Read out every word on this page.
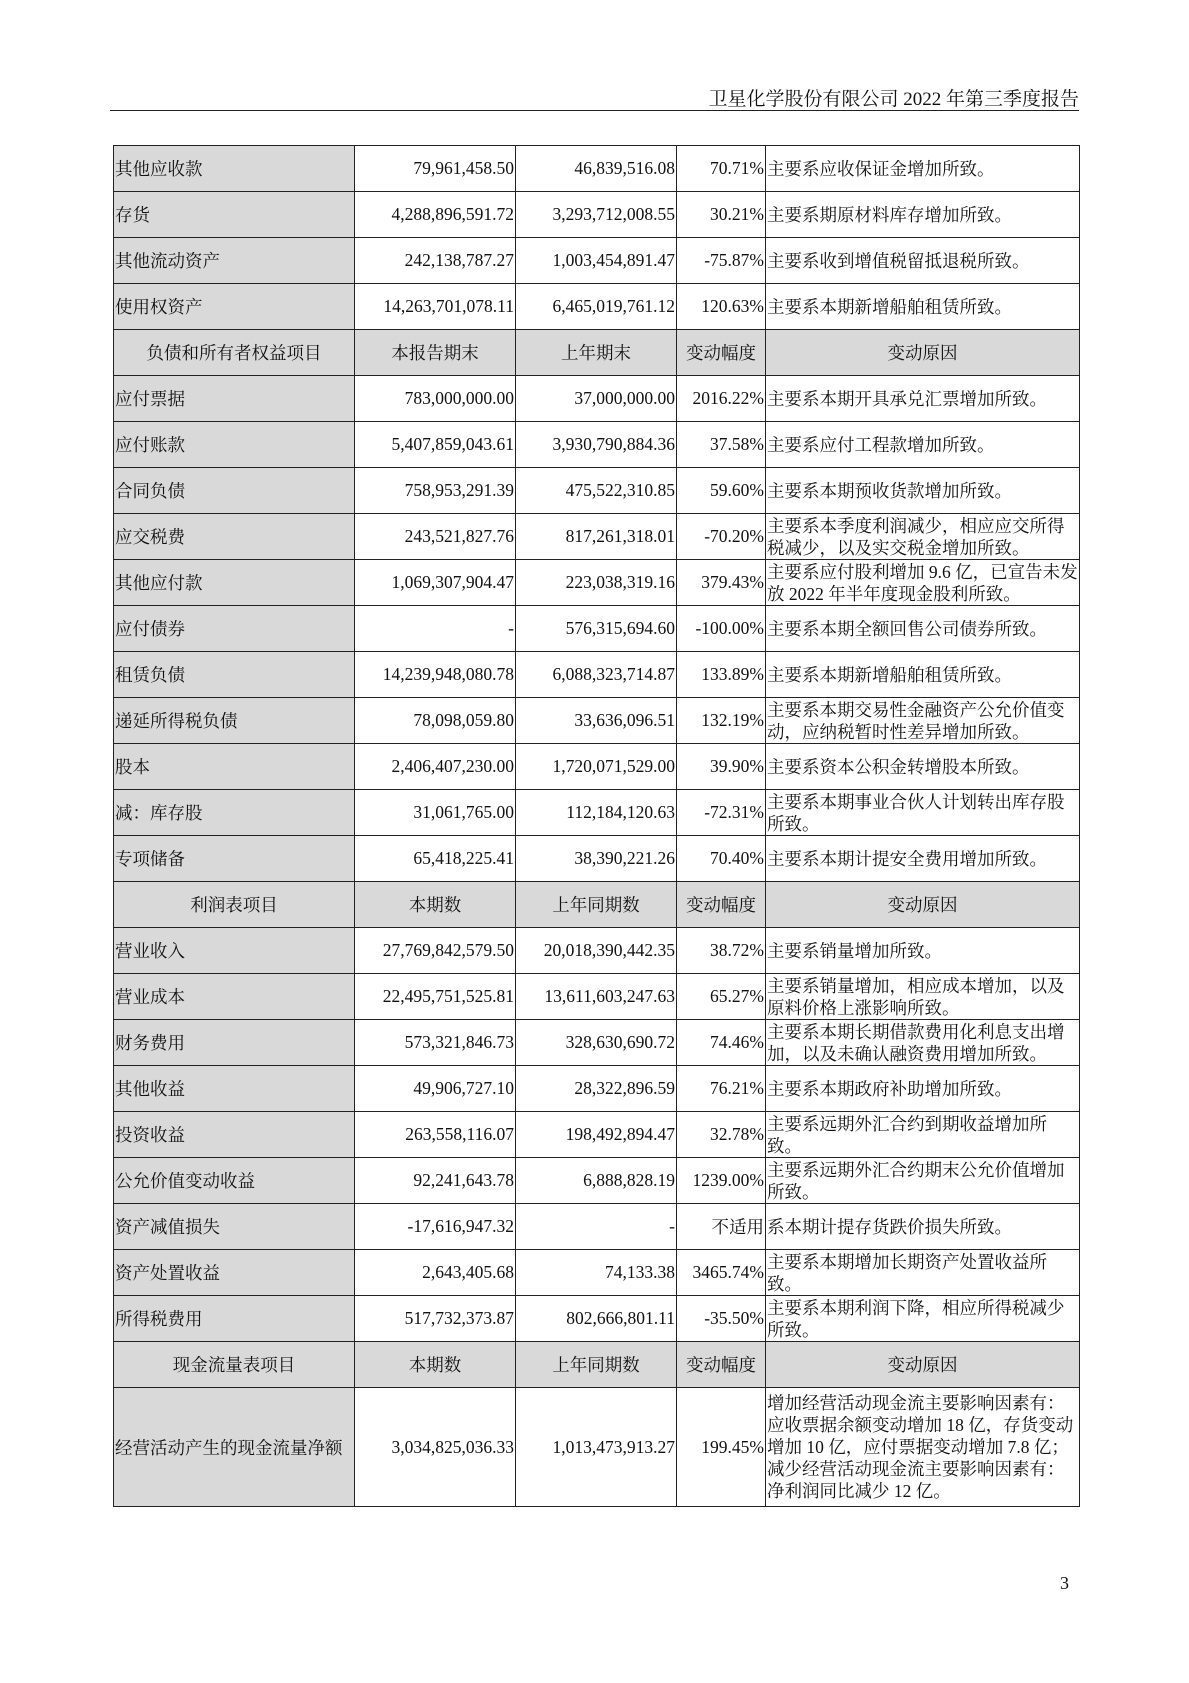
卫星化学股份有限公司 2022 年第三季度报告
其他应收款	79,961,458.50	46,839,516.08	70.71%	主要系应收保证金增加所致。
存货	4,288,896,591.72	3,293,712,008.55	30.21%	主要系期原材料库存增加所致。
其他流动资产	242,138,787.27	1,003,454,891.47	-75.87%	主要系收到增值税留抵退税所致。
使用权资产	14,263,701,078.11	6,465,019,761.12	120.63%	主要系本期新增船舶租赁所致。
负债和所有者权益项目	本报告期末	上年期末	变动幅度	变动原因
应付票据	783,000,000.00	37,000,000.00	2016.22%	主要系本期开具承兑汇票增加所致。
应付账款	5,407,859,043.61	3,930,790,884.36	37.58%	主要系应付工程款增加所致。
合同负债	758,953,291.39	475,522,310.85	59.60%	主要系本期预收货款增加所致。
应交税费	243,521,827.76	817,261,318.01	-70.20%	主要系本季度利润减少，相应应交所得税减少，以及实交税金增加所致。
其他应付款	1,069,307,904.47	223,038,319.16	379.43%	主要系应付股利增加 9.6 亿，已宣告未发放 2022 年半年度现金股利所致。
应付债券	-	576,315,694.60	-100.00%	主要系本期全额回售公司债券所致。
租赁负债	14,239,948,080.78	6,088,323,714.87	133.89%	主要系本期新增船舶租赁所致。
递延所得税负债	78,098,059.80	33,636,096.51	132.19%	主要系本期交易性金融资产公允价值变动，应纳税暂时性差异增加所致。
股本	2,406,407,230.00	1,720,071,529.00	39.90%	主要系资本公积金转增股本所致。
减：库存股	31,061,765.00	112,184,120.63	-72.31%	主要系本期事业合伙人计划转出库存股所致。
专项储备	65,418,225.41	38,390,221.26	70.40%	主要系本期计提安全费用增加所致。
利润表项目	本期数	上年同期数	变动幅度	变动原因
营业收入	27,769,842,579.50	20,018,390,442.35	38.72%	主要系销量增加所致。
营业成本	22,495,751,525.81	13,611,603,247.63	65.27%	主要系销量增加，相应成本增加，以及原料价格上涨影响所致。
财务费用	573,321,846.73	328,630,690.72	74.46%	主要系本期长期借款费用化利息支出增加，以及未确认融资费用增加所致。
其他收益	49,906,727.10	28,322,896.59	76.21%	主要系本期政府补助增加所致。
投资收益	263,558,116.07	198,492,894.47	32.78%	主要系远期外汇合约到期收益增加所致。
公允价值变动收益	92,241,643.78	6,888,828.19	1239.00%	主要系远期外汇合约期末公允价值增加所致。
资产减值损失	-17,616,947.32	-	不适用	系本期计提存货跌价损失所致。
资产处置收益	2,643,405.68	74,133.38	3465.74%	主要系本期增加长期资产处置收益所致。
所得税费用	517,732,373.87	802,666,801.11	-35.50%	主要系本期利润下降，相应所得税减少所致。
现金流量表项目	本期数	上年同期数	变动幅度	变动原因
经营活动产生的现金流量净额	3,034,825,036.33	1,013,473,913.27	199.45%	增加经营活动现金流主要影响因素有：应收票据余额变动增加 18 亿，存货变动增加 10 亿，应付票据变动增加 7.8 亿；减少经营活动现金流主要影响因素有：净利润同比减少 12 亿。
3
